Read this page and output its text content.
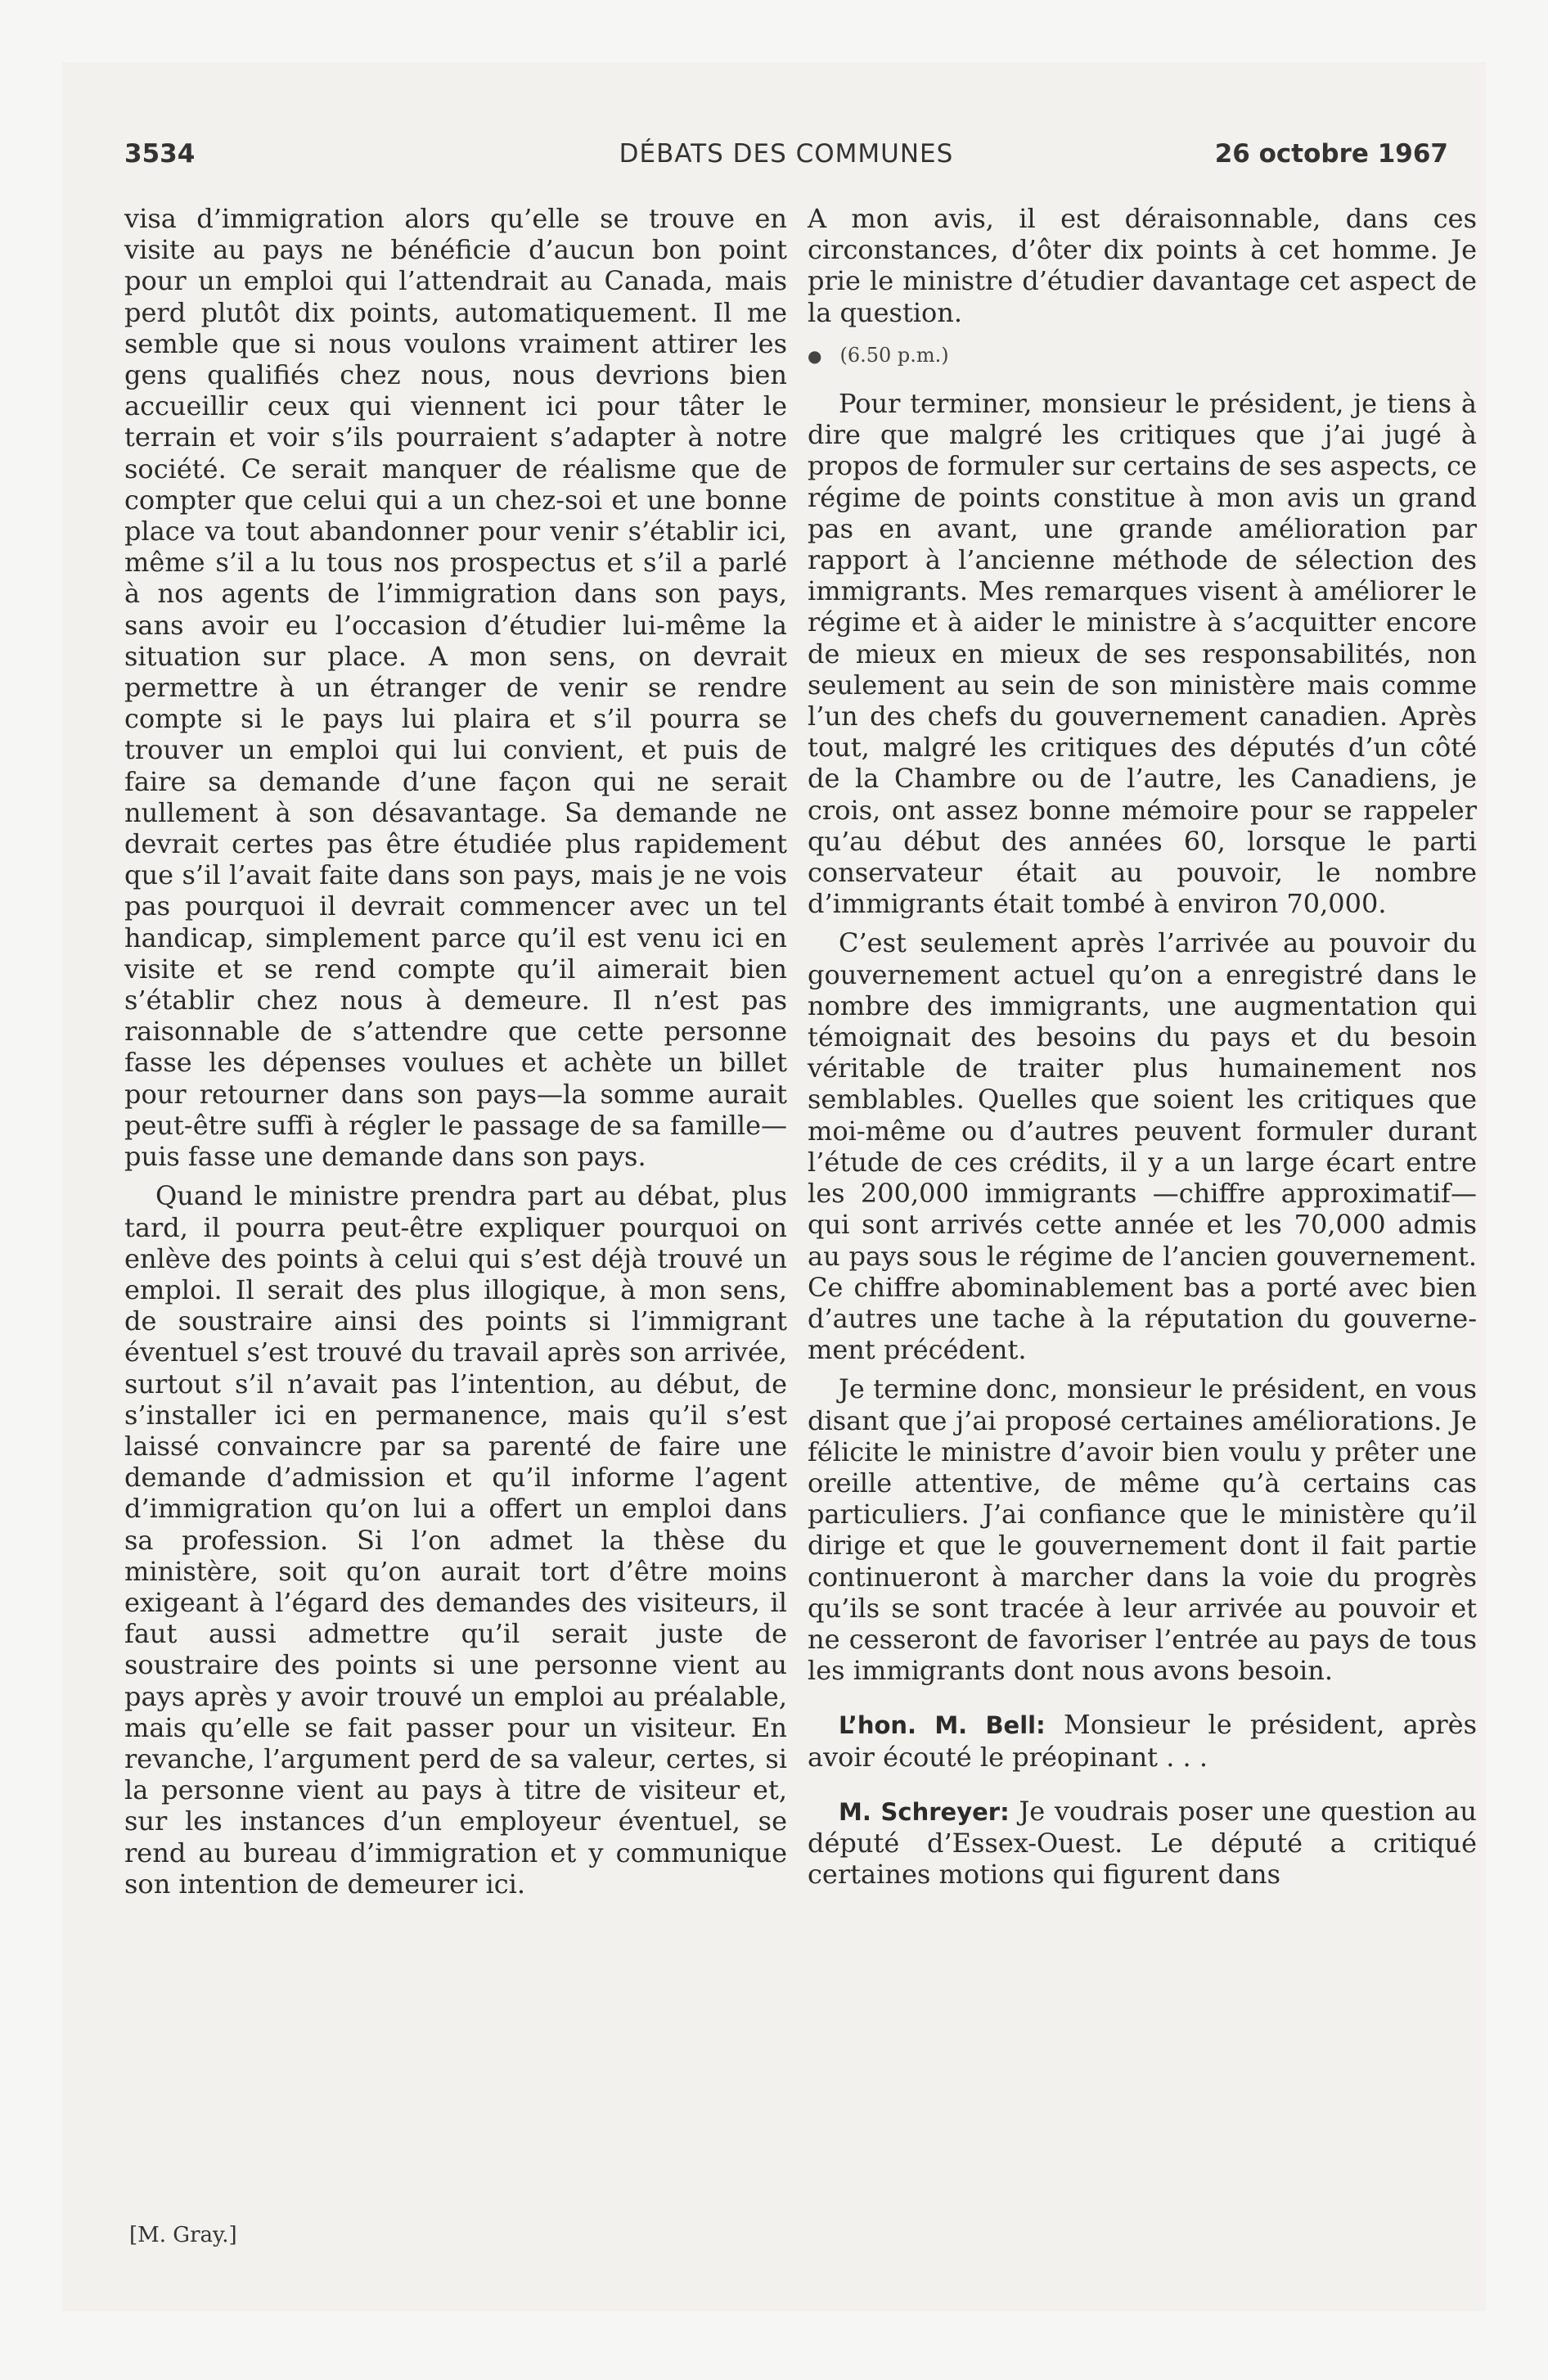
3534	DÉBATS DES COMMUNES	26 octobre 1967

visa d’immigration alors qu’elle se trouve en visite au pays ne bénéficie d’aucun bon point pour un emploi qui l’attendrait au Canada, mais perd plutôt dix points, automatiquement. Il me semble que si nous voulons vraiment attirer les gens qualifiés chez nous, nous devrions bien accueillir ceux qui viennent ici pour tâter le terrain et voir s’ils pourraient s’adapter à notre société. Ce serait manquer de réalisme que de compter que celui qui a un chez-soi et une bonne place va tout abandonner pour venir s’établir ici, même s’il a lu tous nos prospectus et s’il a parlé à nos agents de l’immigration dans son pays, sans avoir eu l’occasion d’étudier lui-même la situation sur place. A mon sens, on devrait permettre à un étranger de venir se rendre compte si le pays lui plaira et s’il pourra se trouver un emploi qui lui convient, et puis de faire sa demande d’une façon qui ne serait nullement à son désavantage. Sa demande ne devrait certes pas être étudiée plus rapidement que s’il l’avait faite dans son pays, mais je ne vois pas pourquoi il devrait commencer avec un tel handicap, simplement parce qu’il est venu ici en visite et se rend compte qu’il aimerait bien s’établir chez nous à demeure. Il n’est pas raisonnable de s’attendre que cette personne fasse les dépenses voulues et achète un billet pour retourner dans son pays—la somme aurait peut-être suffi à régler le passage de sa famille—puis fasse une demande dans son pays.

Quand le ministre prendra part au débat, plus tard, il pourra peut-être expliquer pourquoi on enlève des points à celui qui s’est déjà trouvé un emploi. Il serait des plus illogique, à mon sens, de soustraire ainsi des points si l’immigrant éventuel s’est trouvé du travail après son arrivée, surtout s’il n’avait pas l’intention, au début, de s’installer ici en permanence, mais qu’il s’est laissé convaincre par sa parenté de faire une demande d’admission et qu’il informe l’agent d’immigration qu’on lui a offert un emploi dans sa profession. Si l’on admet la thèse du ministère, soit qu’on aurait tort d’être moins exigeant à l’égard des demandes des visiteurs, il faut aussi admettre qu’il serait juste de soustraire des points si une personne vient au pays après y avoir trouvé un emploi au préalable, mais qu’elle se fait passer pour un visiteur. En revanche, l’argument perd de sa valeur, certes, si la personne vient au pays à titre de visiteur et, sur les instances d’un employeur éventuel, se rend au bureau d’immigration et y communique son intention de demeurer ici.

[M. Gray.]

A mon avis, il est déraisonnable, dans ces circonstances, d’ôter dix points à cet homme. Je prie le ministre d’étudier davantage cet aspect de la question.

● (6.50 p.m.)

Pour terminer, monsieur le président, je tiens à dire que malgré les critiques que j’ai jugé à propos de formuler sur certains de ses aspects, ce régime de points constitue à mon avis un grand pas en avant, une grande amélioration par rapport à l’ancienne méthode de sélection des immigrants. Mes remarques visent à améliorer le régime et à aider le ministre à s’acquitter encore de mieux en mieux de ses responsabilités, non seulement au sein de son ministère mais comme l’un des chefs du gouvernement canadien. Après tout, malgré les critiques des députés d’un côté de la Chambre ou de l’autre, les Canadiens, je crois, ont assez bonne mémoire pour se rappeler qu’au début des années 60, lorsque le parti conservateur était au pouvoir, le nombre d’immigrants était tombé à environ 70,000.

C’est seulement après l’arrivée au pouvoir du gouvernement actuel qu’on a enregistré dans le nombre des immigrants, une augmentation qui témoignait des besoins du pays et du besoin véritable de traiter plus humainement nos semblables. Quelles que soient les critiques que moi-même ou d’autres peuvent formuler durant l’étude de ces crédits, il y a un large écart entre les 200,000 immigrants —chiffre approximatif—qui sont arrivés cette année et les 70,000 admis au pays sous le régime de l’ancien gouvernement. Ce chiffre abominablement bas a porté avec bien d’autres une tache à la réputation du gouvernement précédent.

Je termine donc, monsieur le président, en vous disant que j’ai proposé certaines améliorations. Je félicite le ministre d’avoir bien voulu y prêter une oreille attentive, de même qu’à certains cas particuliers. J’ai confiance que le ministère qu’il dirige et que le gouvernement dont il fait partie continueront à marcher dans la voie du progrès qu’ils se sont tracée à leur arrivée au pouvoir et ne cesseront de favoriser l’entrée au pays de tous les immigrants dont nous avons besoin.

L’hon. M. Bell: Monsieur le président, après avoir écouté le préopinant . . .

M. Schreyer: Je voudrais poser une question au député d’Essex-Ouest. Le député a critiqué certaines motions qui figurent dans
